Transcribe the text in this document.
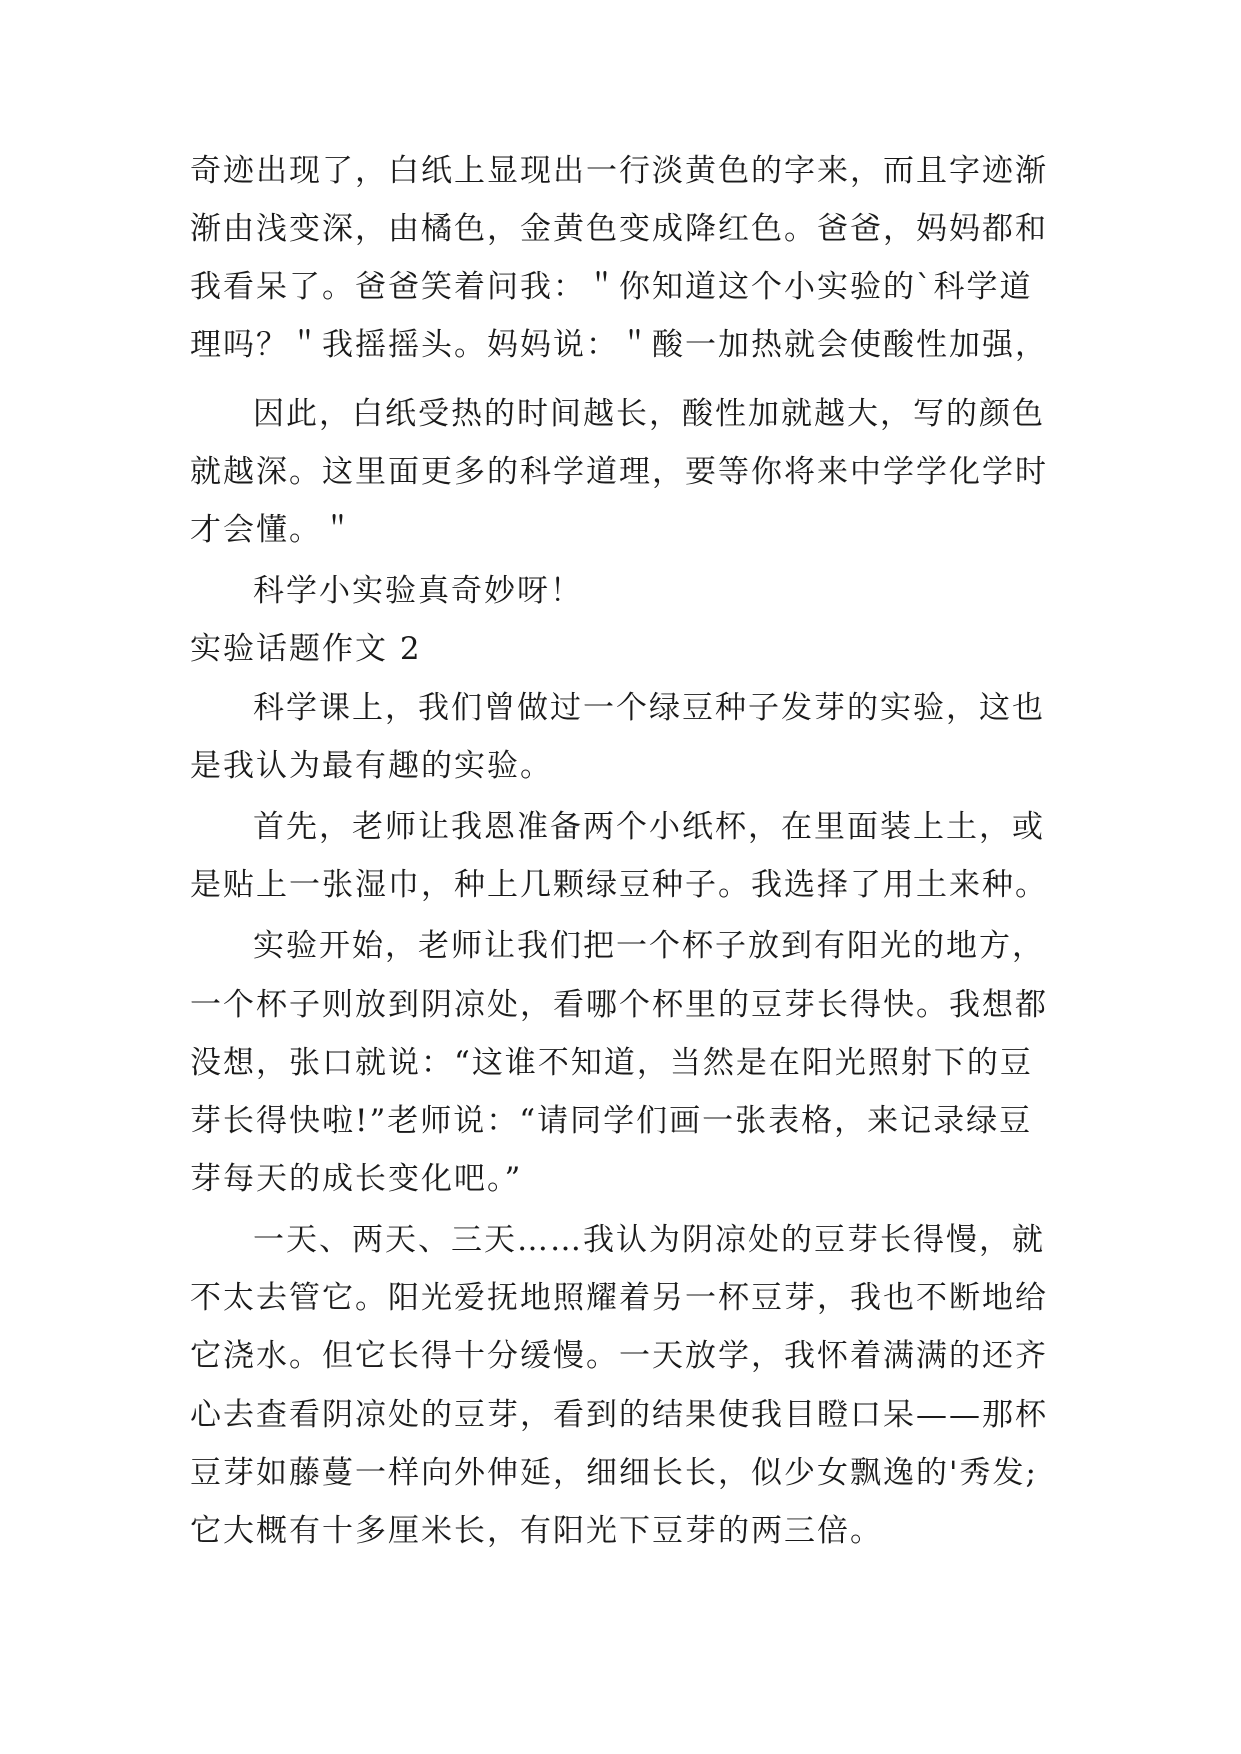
奇迹出现了，白纸上显现出一行淡黄色的字来，而且字迹渐
渐由浅变深，由橘色，金黄色变成降红色。爸爸，妈妈都和
我看呆了。爸爸笑着问我：＂你知道这个小实验的`科学道
理吗？＂我摇摇头。妈妈说：＂酸一加热就会使酸性加强，
因此，白纸受热的时间越长，酸性加就越大，写的颜色
就越深。这里面更多的科学道理，要等你将来中学学化学时
才会懂。＂
科学小实验真奇妙呀！
实验话题作文 2
科学课上，我们曾做过一个绿豆种子发芽的实验，这也
是我认为最有趣的实验。
首先，老师让我恩准备两个小纸杯，在里面装上土，或
是贴上一张湿巾，种上几颗绿豆种子。我选择了用土来种。
实验开始，老师让我们把一个杯子放到有阳光的地方，
一个杯子则放到阴凉处，看哪个杯里的豆芽长得快。我想都
没想，张口就说：“这谁不知道，当然是在阳光照射下的豆
芽长得快啦!”老师说：“请同学们画一张表格，来记录绿豆
芽每天的成长变化吧。”
一天、两天、三天……我认为阴凉处的豆芽长得慢，就
不太去管它。阳光爱抚地照耀着另一杯豆芽，我也不断地给
它浇水。但它长得十分缓慢。一天放学，我怀着满满的还齐
心去查看阴凉处的豆芽，看到的结果使我目瞪口呆——那杯
豆芽如藤蔓一样向外伸延，细细长长，似少女飘逸的'秀发;
它大概有十多厘米长，有阳光下豆芽的两三倍。
